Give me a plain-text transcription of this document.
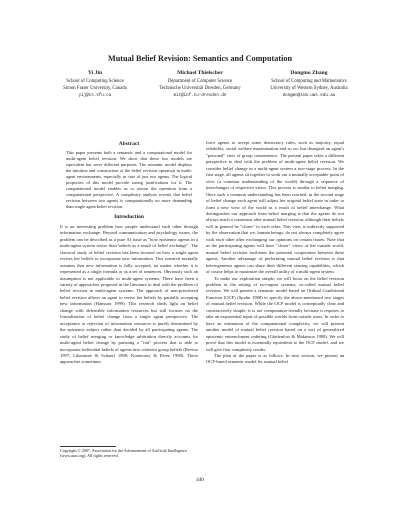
Mutual Belief Revision: Semantics and Computation
Yi Jin
School of Computing Science
Simon Fraser University, Canada
yij@cs.sfu.ca
Michael Thielscher
Department of Computer Science
Technische Universität Dresden, Germany
mit@inf.tu-dresden.de
Dongmo Zhang
School of Computing and Mathematics
University of Western Sydney, Australia
dongmo@scm.uws.edu.au
Abstract
This paper presents both a semantic and a computational model for multi-agent belief revision. We show that these two models are equivalent but serve different purposes. The semantic model displays the intuition and construction of the belief revision operation in multi-agent environments, especially in case of just two agents. The logical properties of this model provide strong justifications for it. The computational model enables us to reason the operation from a computational perspective. A complexity analysis reveals that belief revision between two agents is computationally no more demanding than single agent belief revision.
Introduction

It is an interesting problem how people understand each other through information exchange. Beyond communication and psychology issues, the problem can be described as a pure AI issue as "how epistemic agents in a multi-agent system revise their beliefs as a result of belief exchange". The classical study of belief revision has been focused on how a single agent revises her beliefs to incorporate new information. This research normally assumes that new information is fully accepted, no matter whether it is represented as a single formula or as a set of sentences. Obviously such an assumption is not applicable to multi-agent systems. There have been a variety of approaches proposed in the literature to deal with the problem of belief revision in multi-agent systems. The approach of non-prioritized belief revision allows an agent to revise her beliefs by partially accepting new information (Hansson 1999). This research sheds light on belief change with defeasible information resources but still focuses on the formalization of belief change from a single agent perspective. The acceptance or rejection of information resources is purely determined by the epistemic subject rather than decided by all participating agents. The study of belief merging or knowledge arbitration directly accounts for multi-agent belief change by pursuing a "fair" process that is able to incorporate individual beliefs of agents into coherent group beliefs (Revesz 1997; Liberatore & Schaerf 1998; Konieczny & Pérez 1998). These approaches sometimes

force agents to accept some democracy rules, such as majority, equal reliability, social welfare maximization and so on, but disregard an agent's "personal" view of group consentience. The present paper takes a different perspective to deal with the problem of multi-agent belief revision. We consider belief change in a multi-agent system a two-stage process. In the first stage, all agents sit together to work out a mutually acceptable point of view (a common understanding of the world) through a sequence of interchanges of respective views. This process is similar to belief merging. Once such a common understanding has been reached, in the second stage of belief change each agent will adjust her original belief state in order to form a new view of the world as a result of belief interchange. What distinguishes our approach from belief merging is that the agents do not always reach a consensus after mutual belief revision, although their beliefs will in general be "closer" to each other. This view is indirectly supported by the observation that we, human beings, do not always completely agree with each other after exchanging our opinions on certain issues. Note that as the participating agents will have "closer" views of the outside world, mutual belief revision facilitates the potential cooperation between these agents. Another advantage of performing mutual belief revision is that heterogeneous agents can share their different sensing capabilities, which of course helps to maximize the overall utility of a multi-agent system.

To make our exploration simple, we will focus on the belief revision problem in the setting of two-agent systems, so-called mutual belief revision. We will present a semantic model based on Ordinal Conditional Function (OCF) (Spohn 1988) to specify the above-mentioned two stages of mutual belief revision. While the OCF model is conceptually clear and constructively simple, it is not computation-friendly because it requires to take an exponential input of possible worlds from outside users. In order to have an estimation of the computational complexity, we will present another model of mutual belief revision based on a sort of generalized epistemic entrenchment ordering (Gärdenfors & Makinson 1988). We will prove that this model is essentially equivalent to the OCF model, and we will give first complexity results.

The plan of the paper is as follows. In next section, we present an OCF-based semantic model for mutual belief

Copyright © 2007, Association for the Advancement of Artificial Intelligence (www.aaai.org). All rights reserved.
440
